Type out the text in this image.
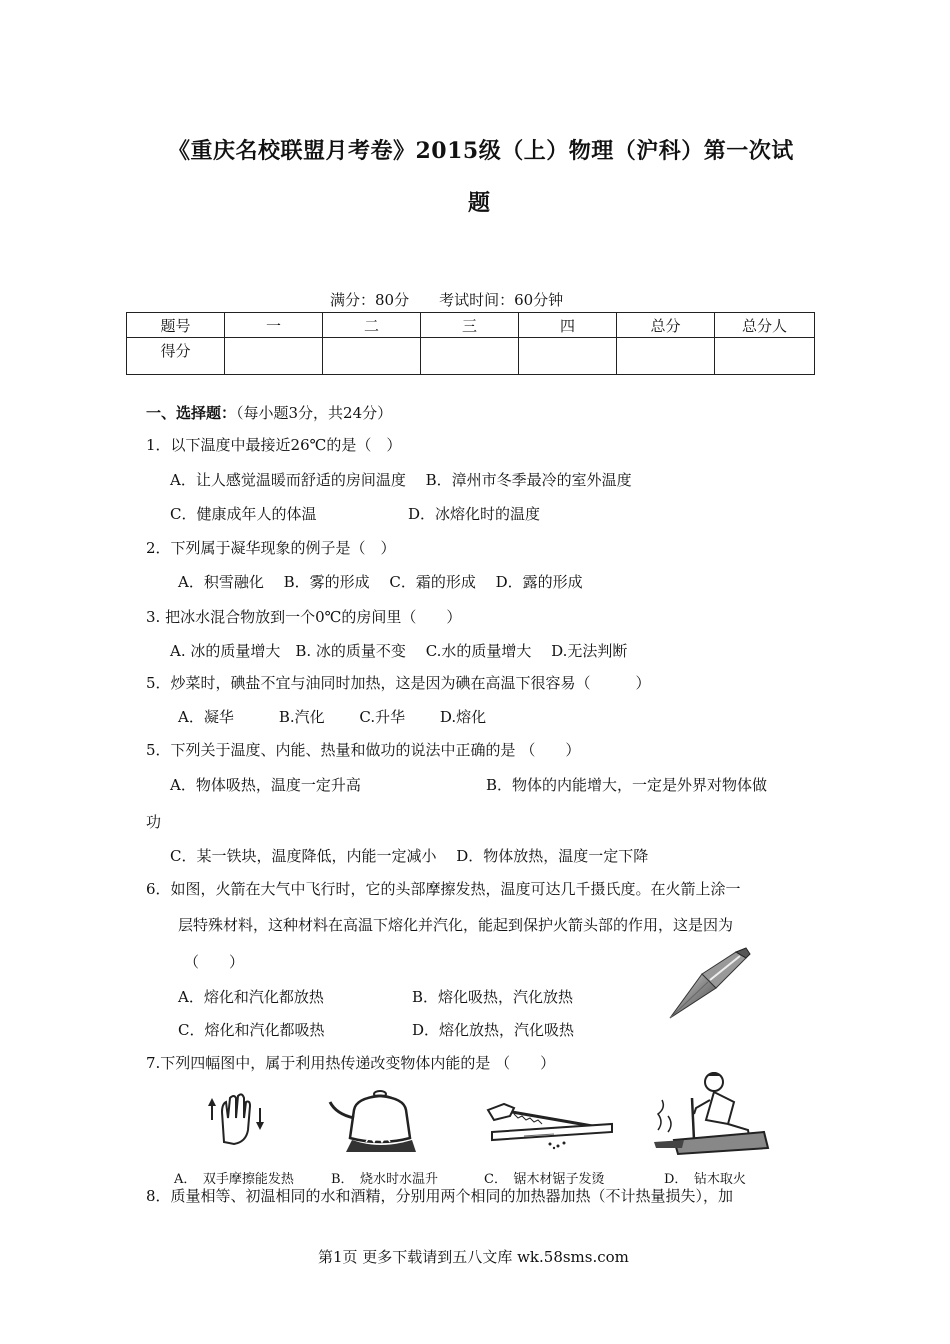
《重庆名校联盟月考卷》2015级（上）物理（沪科）第一次试
题
满分：80分　　考试时间：60分钟
题号	一	二	三	四	总分	总分人
得分						
一、选择题：（每小题3分，共24分）
1．以下温度中最接近26℃的是（　）
A．让人感觉温暖而舒适的房间温度　 B．漳州市冬季最冷的室外温度
C．健康成年人的体温	D．冰熔化时的温度
2．下列属于凝华现象的例子是（　）
A．积雪融化　 B．雾的形成　 C．霜的形成　 D．露的形成
3. 把冰水混合物放到一个0℃的房间里（　　）
A. 冰的质量增大　B. 冰的质量不变　 C.水的质量增大　 D.无法判断
5．炒菜时，碘盐不宜与油同时加热，这是因为碘在高温下很容易（　　　）
A．凝华　　　B.汽化　　 C.升华　　 D.熔化
5．下列关于温度、内能、热量和做功的说法中正确的是 （　　）
A．物体吸热，温度一定升高	B．物体的内能增大，一定是外界对物体做
功
C．某一铁块，温度降低，内能一定减小　 D．物体放热，温度一定下降
6．如图，火箭在大气中飞行时，它的头部摩擦发热，温度可达几千摄氏度。在火箭上涂一
层特殊材料，这种材料在高温下熔化并汽化，能起到保护火箭头部的作用，这是因为
（　　）
A．熔化和汽化都放热	B．熔化吸热，汽化放热
C．熔化和汽化都吸热	D．熔化放热，汽化吸热
7.下列四幅图中，属于利用热传递改变物体内能的是 （　　）
A．　双手摩擦能发热	B．　烧水时水温升	C．　锯木材锯子发烫	D．　钻木取火
8．质量相等、初温相同的水和酒精，分别用两个相同的加热器加热（不计热量损失），加
第1页 更多下载请到五八文库 wk.58sms.com
